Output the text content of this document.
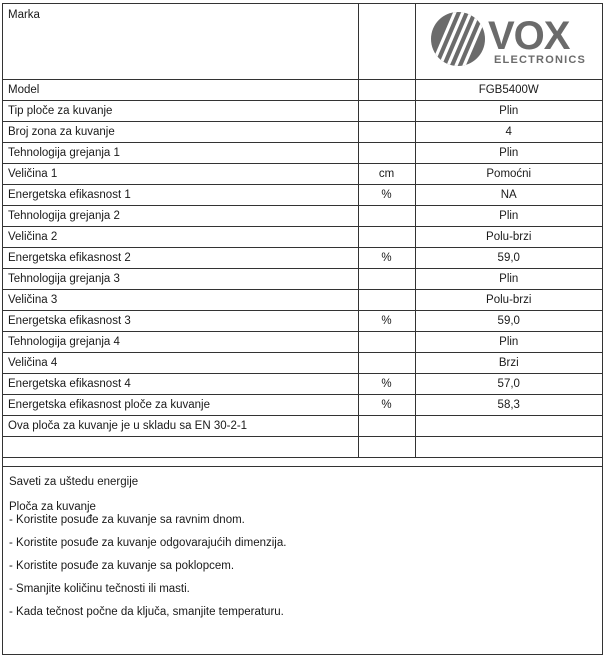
Marka		VOX
ELECTRONICS

Model		FGB5400W
Tip ploče za kuvanje		Plin
Broj zona za kuvanje		4
Tehnologija grejanja 1		Plin
Veličina 1	cm	Pomoćni
Energetska efikasnost 1	%	NA
Tehnologija grejanja 2		Plin
Veličina 2		Polu-brzi
Energetska efikasnost 2	%	59,0
Tehnologija grejanja 3		Plin
Veličina 3		Polu-brzi
Energetska efikasnost 3	%	59,0
Tehnologija grejanja 4		Plin
Veličina 4		Brzi
Energetska efikasnost 4	%	57,0
Energetska efikasnost ploče za kuvanje	%	58,3
Ova ploča za kuvanje je u skladu sa EN 30-2-1		

Saveti za uštedu energije
Ploča za kuvanje
- Koristite posuđe za kuvanje sa ravnim dnom.
- Koristite posuđe za kuvanje odgovarajućih dimenzija.
- Koristite posuđe za kuvanje sa poklopcem.
- Smanjite količinu tečnosti ili masti.
- Kada tečnost počne da ključa, smanjite temperaturu.
